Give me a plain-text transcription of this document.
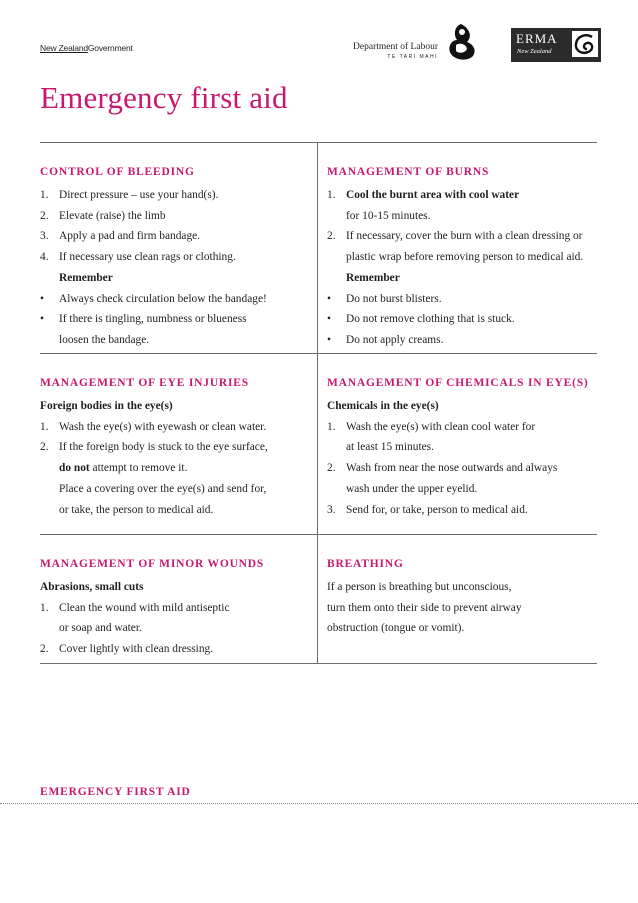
New ZealandGovernment	Department of Labour
TE TARI MAHI
ERMA
New Zealand
Emergency first aid
CONTROL OF BLEEDING
1. Direct pressure – use your hand(s).
2. Elevate (raise) the limb
3. Apply a pad and firm bandage.
4. If necessary use clean rags or clothing.
Remember
• Always check circulation below the bandage!
• If there is tingling, numbness or blueness
loosen the bandage.
MANAGEMENT OF BURNS
1. Cool the burnt area with cool water
for 10-15 minutes.
2. If necessary, cover the burn with a clean dressing or
plastic wrap before removing person to medical aid.
Remember
• Do not burst blisters.
• Do not remove clothing that is stuck.
• Do not apply creams.
MANAGEMENT OF EYE INJURIES
Foreign bodies in the eye(s)
1. Wash the eye(s) with eyewash or clean water.
2. If the foreign body is stuck to the eye surface,
do not attempt to remove it.
Place a covering over the eye(s) and send for,
or take, the person to medical aid.
MANAGEMENT OF CHEMICALS IN EYE(S)
Chemicals in the eye(s)
1. Wash the eye(s) with clean cool water for
at least 15 minutes.
2. Wash from near the nose outwards and always
wash under the upper eyelid.
3. Send for, or take, person to medical aid.
MANAGEMENT OF MINOR WOUNDS
Abrasions, small cuts
1. Clean the wound with mild antiseptic
or soap and water.
2. Cover lightly with clean dressing.
BREATHING
If a person is breathing but unconscious,
turn them onto their side to prevent airway
obstruction (tongue or vomit).
EMERGENCY FIRST AID
